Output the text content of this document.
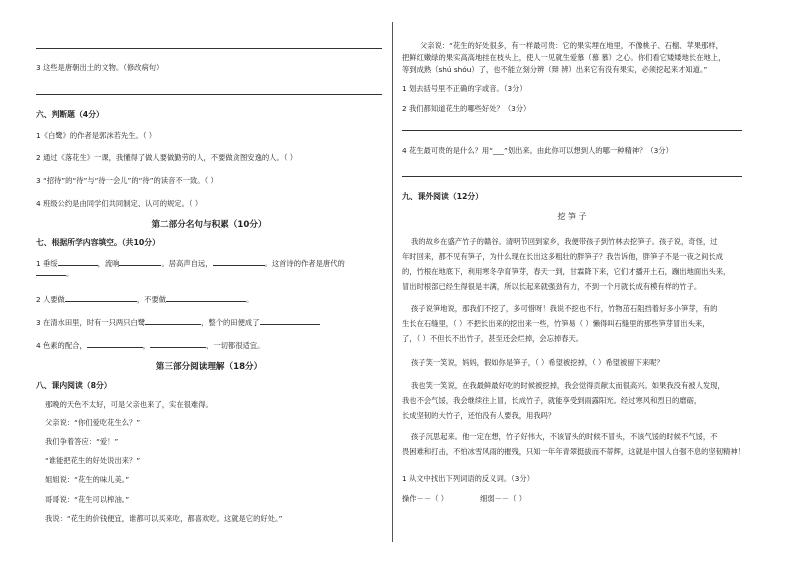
3 这些是唐朝出土的文物。（修改病句）
六、判断题（4分）
1《白鹭》的作者是郭沫若先生。（ ）
2 通过《落花生》一课，我懂得了做人要做勤劳的人，不要做贪图安逸的人。（ ）
3 “招待”的“待”与“待一会儿”的“待”的读音不一致。（ ）
4 班级公约是由同学们共同制定、认可的规定。（ ）
第二部分名句与积累（10分）
七、根据所学内容填空。（共10分）
1 垂绥	，流响	。居高声自远，	。这首诗的作者是唐代的
。
2 人要做	，不要做	。
3 在清水田里，时有一只两只白鹭	，整个的田便成了
4 色素的配合，	，	，一切都很适宜。
第三部分阅读理解（18分）
八、课内阅读（8分）
那晚的天色不太好，可是父亲也来了，实在很难得。
父亲说：“你们爱吃花生么？”
我们争着答应：“爱！”
“谁能把花生的好处说出来？”
姐姐说：“花生的味儿美。”
哥哥说：“花生可以榨油。”
我说：“花生的价钱便宜，谁都可以买来吃，都喜欢吃。这就是它的好处。”
父亲说：“花生的好处很多，有一样最可贵：它的果实埋在地里，不像桃子、石榴、苹果那样，
把鲜红嫩绿的果实高高地挂在枝头上，使人一见就生爱慕（慕 慕）之心。你们看它矮矮地长在地上，
等到成熟（shú shóu）了，也不能立刻分辨（辩 辨）出来它有没有果实，必须挖起来才知道。”
1 划去括号里不正确的字或音。（3分）
2 我们都知道花生的哪些好处？（3分）
4 花生最可贵的是什么？用“___”划出来。由此你可以想到人的哪一种精神？（3分）
九、课外阅读（12分）
挖 笋 子
我的故乡在盛产竹子的赣谷。清明节回到家乡，我便带孩子到竹林去挖笋子。孩子说，奇怪，过
年时回来，都不见有笋子，为什么现在长出这多粗壮的胖笋子？我告诉他，胖笋子不是一夜之间长成
的，竹根在地底下，利用寒冬孕育笋芽，春天一到，甘霖降下来，它们才播开土石，蹦出地面出头来，
冒出时根部已经生得很是丰满，所以长起来就强劲有力，不到一个月就长成有模有样的竹子。
孩子说笋地说，那我们不挖了，多可惜呀！我说不挖也不行，竹物茁石阻挡着好多小笋芽，有的
生长在石缝里，（ ）不把长出来的挖出来一些，竹笋易（ ）懒得叫石缝里的那些笋芽冒出头来，
了，（ ）不但长不出竹子，甚至还会烂掉，会忘掉春天。
孩子笑一笑说，妈妈，假如你是笋子，（ ）希望被挖掉，（ ）希望被留下来呢？
我也笑一笑说，在我最鲜最好吃的时候被挖掉，我会觉得贡献太而很高兴。如果我没有被人发现，
我也不会气馁，我会继续往上冒，长成竹子，就能享受到雨露阳光。经过寒风和烈日的磨砺，
长成坚韧的大竹子，还怕没有人要我，用我吗？
孩子沉思起来。他一定在想，竹子好伟大，不该冒头的时候不冒头，不该气馁的时候不气馁，不
畏困难和打击，不怕冰雪风雨的摧残，只知一年年青翠挺拔而不蒂辉，这就是中国人自强不息的坚韧精神！
1 从文中找出下列词语的反义词。（3分）
操作－－（ ）	细弱－－（ ）
